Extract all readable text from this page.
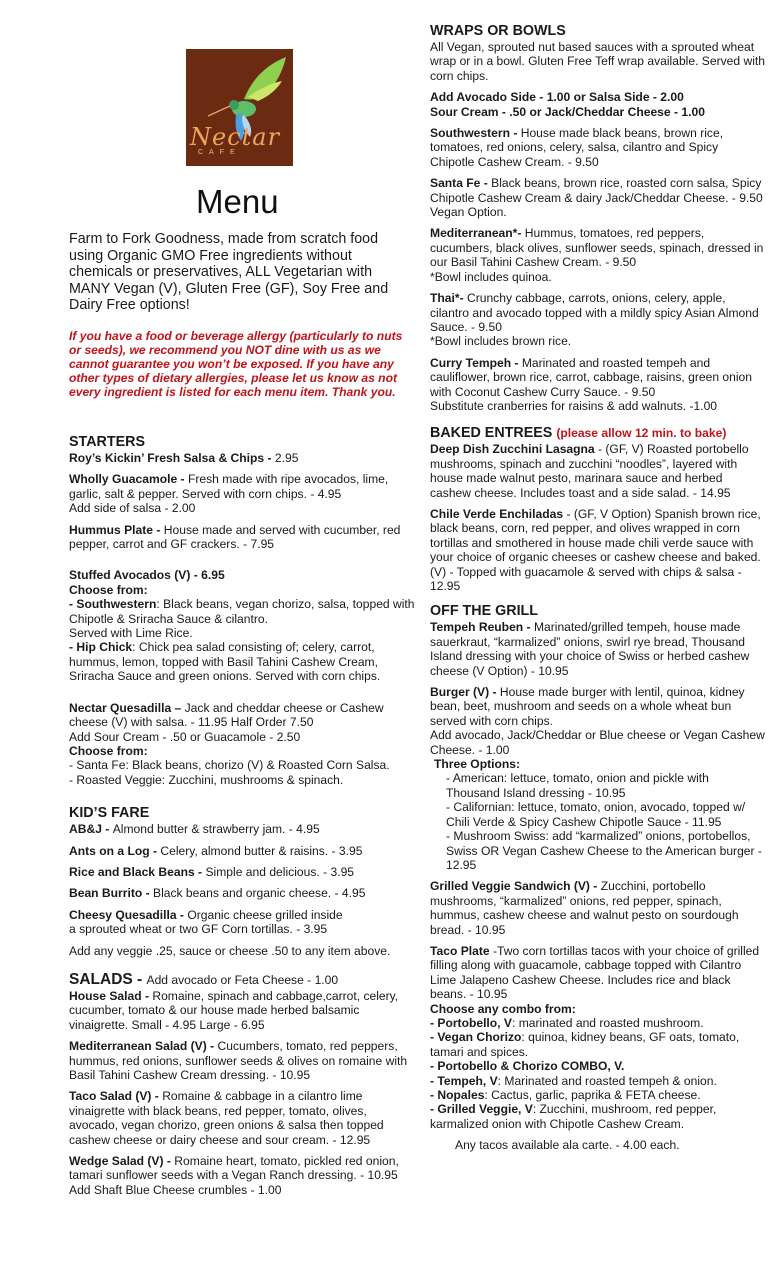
Nectar
CAFE
Menu
Farm to Fork Goodness, made from scratch food using Organic GMO Free ingredients without chemicals or preservatives, ALL Vegetarian with MANY Vegan (V), Gluten Free (GF), Soy Free and Dairy Free options!
If you have a food or beverage allergy (particularly to nuts or seeds), we recommend you NOT dine with us as we cannot guarantee you won’t be exposed. If you have any other types of dietary allergies, please let us know as not every ingredient is listed for each menu item. Thank you.
STARTERS
Roy’s Kickin’ Fresh Salsa & Chips - 2.95
Wholly Guacamole - Fresh made with ripe avocados, lime, garlic, salt & pepper. Served with corn chips. - 4.95
Add side of salsa - 2.00
Hummus Plate - House made and served with cucumber, red pepper, carrot and GF crackers. - 7.95
Stuffed Avocados (V) - 6.95
Choose from:
- Southwestern: Black beans, vegan chorizo, salsa, topped with Chipotle & Sriracha Sauce & cilantro.
Served with Lime Rice.
- Hip Chick: Chick pea salad consisting of; celery, carrot, hummus, lemon, topped with Basil Tahini Cashew Cream, Sriracha Sauce and green onions. Served with corn chips.
Nectar Quesadilla – Jack and cheddar cheese or Cashew cheese (V) with salsa. - 11.95 Half Order 7.50
Add Sour Cream - .50 or Guacamole - 2.50
Choose from:
- Santa Fe: Black beans, chorizo (V) & Roasted Corn Salsa.
- Roasted Veggie: Zucchini, mushrooms & spinach.
KID’S FARE
AB&J - Almond butter & strawberry jam. - 4.95
Ants on a Log - Celery, almond butter & raisins. - 3.95
Rice and Black Beans - Simple and delicious. - 3.95
Bean Burrito - Black beans and organic cheese. - 4.95
Cheesy Quesadilla - Organic cheese grilled inside
a sprouted wheat or two GF Corn tortillas. - 3.95
Add any veggie .25, sauce or cheese .50 to any item above.
SALADS - Add avocado or Feta Cheese - 1.00
House Salad - Romaine, spinach and cabbage,carrot, celery, cucumber, tomato & our house made herbed balsamic vinaigrette. Small - 4.95 Large - 6.95
Mediterranean Salad (V) - Cucumbers, tomato, red peppers, hummus, red onions, sunflower seeds & olives on romaine with Basil Tahini Cashew Cream dressing. - 10.95
Taco Salad (V) - Romaine & cabbage in a cilantro lime vinaigrette with black beans, red pepper, tomato, olives, avocado, vegan chorizo, green onions & salsa then topped cashew cheese or dairy cheese and sour cream. - 12.95
Wedge Salad (V) - Romaine heart, tomato, pickled red onion, tamari sunflower seeds with a Vegan Ranch dressing. - 10.95
Add Shaft Blue Cheese crumbles - 1.00
WRAPS OR BOWLS
All Vegan, sprouted nut based sauces with a sprouted wheat wrap or in a bowl. Gluten Free Teff wrap available. Served with corn chips.
Add Avocado Side - 1.00 or Salsa Side - 2.00
Sour Cream - .50 or Jack/Cheddar Cheese - 1.00
Southwestern - House made black beans, brown rice, tomatoes, red onions, celery, salsa, cilantro and Spicy Chipotle Cashew Cream. - 9.50
Santa Fe - Black beans, brown rice, roasted corn salsa, Spicy Chipotle Cashew Cream & dairy Jack/Cheddar Cheese. - 9.50 Vegan Option.
Mediterranean*- Hummus, tomatoes, red peppers, cucumbers, black olives, sunflower seeds, spinach, dressed in our Basil Tahini Cashew Cream. - 9.50
*Bowl includes quinoa.
Thai*- Crunchy cabbage, carrots, onions, celery, apple, cilantro and avocado topped with a mildly spicy Asian Almond Sauce. - 9.50
*Bowl includes brown rice.
Curry Tempeh - Marinated and roasted tempeh and cauliflower, brown rice, carrot, cabbage, raisins, green onion with Coconut Cashew Curry Sauce. - 9.50
Substitute cranberries for raisins & add walnuts. -1.00
BAKED ENTREES (please allow 12 min. to bake)
Deep Dish Zucchini Lasagna - (GF, V) Roasted portobello mushrooms, spinach and zucchini “noodles”, layered with house made walnut pesto, marinara sauce and herbed cashew cheese. Includes toast and a side salad. - 14.95
Chile Verde Enchiladas - (GF, V Option) Spanish brown rice, black beans, corn, red pepper, and olives wrapped in corn tortillas and smothered in house made chili verde sauce with your choice of organic cheeses or cashew cheese and baked. (V) - Topped with guacamole & served with chips & salsa - 12.95
OFF THE GRILL
Tempeh Reuben - Marinated/grilled tempeh, house made sauerkraut, “karmalized” onions, swirl rye bread, Thousand Island dressing with your choice of Swiss or herbed cashew cheese (V Option) - 10.95
Burger (V) - House made burger with lentil, quinoa, kidney bean, beet, mushroom and seeds on a whole wheat bun served with corn chips.
Add avocado, Jack/Cheddar or Blue cheese or Vegan Cashew Cheese. - 1.00
Three Options:
- American: lettuce, tomato, onion and pickle with Thousand Island dressing - 10.95
- Californian: lettuce, tomato, onion, avocado, topped w/ Chili Verde & Spicy Cashew Chipotle Sauce - 11.95
- Mushroom Swiss: add “karmalized” onions, portobellos, Swiss OR Vegan Cashew Cheese to the American burger - 12.95
Grilled Veggie Sandwich (V) - Zucchini, portobello mushrooms, “karmalized” onions, red pepper, spinach, hummus, cashew cheese and walnut pesto on sourdough bread. - 10.95
Taco Plate -Two corn tortillas tacos with your choice of grilled filling along with guacamole, cabbage topped with Cilantro Lime Jalapeno Cashew Cheese. Includes rice and black beans. - 10.95
Choose any combo from:
- Portobello, V: marinated and roasted mushroom.
- Vegan Chorizo: quinoa, kidney beans, GF oats, tomato, tamari and spices.
- Portobello & Chorizo COMBO, V.
- Tempeh, V: Marinated and roasted tempeh & onion.
- Nopales: Cactus, garlic, paprika & FETA cheese.
- Grilled Veggie, V: Zucchini, mushroom, red pepper, karmalized onion with Chipotle Cashew Cream.
Any tacos available ala carte. - 4.00 each.
